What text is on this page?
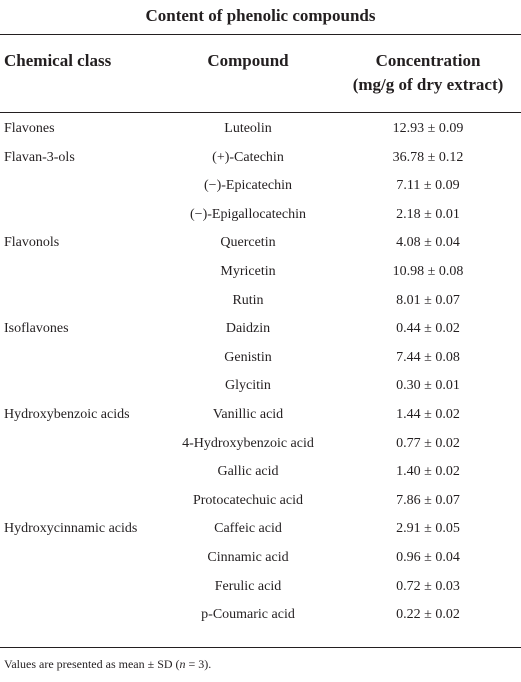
Content of phenolic compounds
Chemical class	Compound	Concentration
(mg/g of dry extract)
Flavones	Luteolin	12.93 ± 0.09
Flavan-3-ols	(+)-Catechin	36.78 ± 0.12
(−)-Epicatechin	7.11 ± 0.09
(−)-Epigallocatechin	2.18 ± 0.01
Flavonols	Quercetin	4.08 ± 0.04
Myricetin	10.98 ± 0.08
Rutin	8.01 ± 0.07
Isoflavones	Daidzin	0.44 ± 0.02
Genistin	7.44 ± 0.08
Glycitin	0.30 ± 0.01
Hydroxybenzoic acids	Vanillic acid	1.44 ± 0.02
4-Hydroxybenzoic acid	0.77 ± 0.02
Gallic acid	1.40 ± 0.02
Protocatechuic acid	7.86 ± 0.07
Hydroxycinnamic acids	Caffeic acid	2.91 ± 0.05
Cinnamic acid	0.96 ± 0.04
Ferulic acid	0.72 ± 0.03
p-Coumaric acid	0.22 ± 0.02
Values are presented as mean ± SD (n = 3).
